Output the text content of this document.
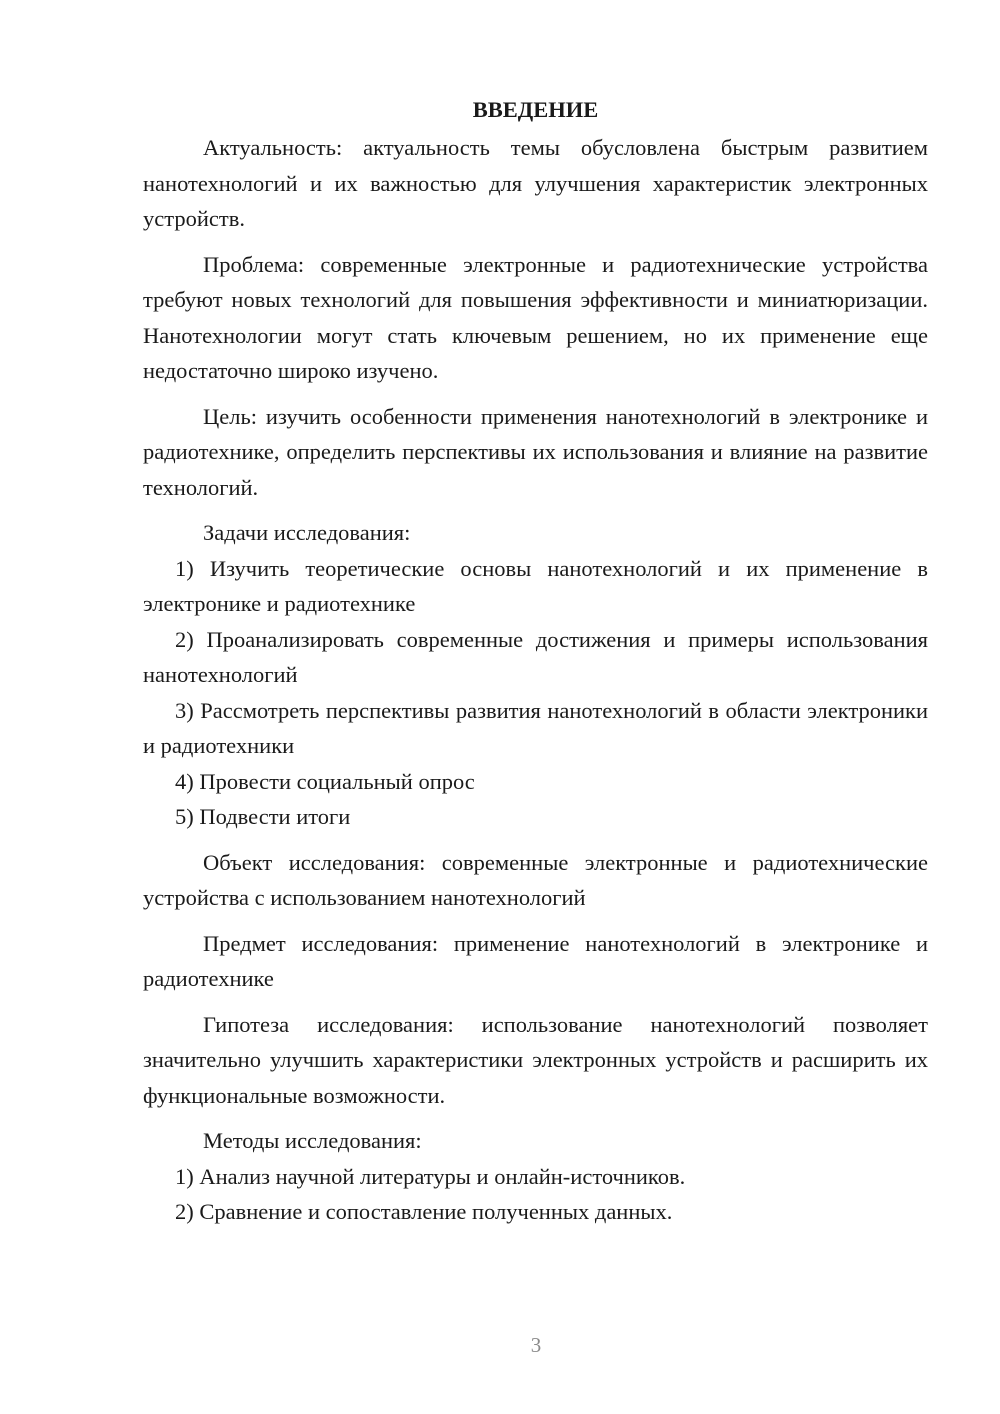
ВВЕДЕНИЕ

Актуальность: актуальность темы обусловлена быстрым развитием нанотехнологий и их важностью для улучшения характеристик электронных устройств.

Проблема: современные электронные и радиотехнические устройства требуют новых технологий для повышения эффективности и миниатюризации. Нанотехнологии могут стать ключевым решением, но их применение еще недостаточно широко изучено.

Цель: изучить особенности применения нанотехнологий в электронике и радиотехнике, определить перспективы их использования и влияние на развитие технологий.

Задачи исследования:

1) Изучить теоретические основы нанотехнологий и их применение в электронике и радиотехнике

2) Проанализировать современные достижения и примеры использования нанотехнологий

3) Рассмотреть перспективы развития нанотехнологий в области электроники и радиотехники

4) Провести социальный опрос

5) Подвести итоги

Объект исследования: современные электронные и радиотехнические устройства с использованием нанотехнологий

Предмет исследования: применение нанотехнологий в электронике и радиотехнике

Гипотеза исследования: использование нанотехнологий позволяет значительно улучшить характеристики электронных устройств и расширить их функциональные возможности.

Методы исследования:

1) Анализ научной литературы и онлайн-источников.

2) Сравнение и сопоставление полученных данных.

3
